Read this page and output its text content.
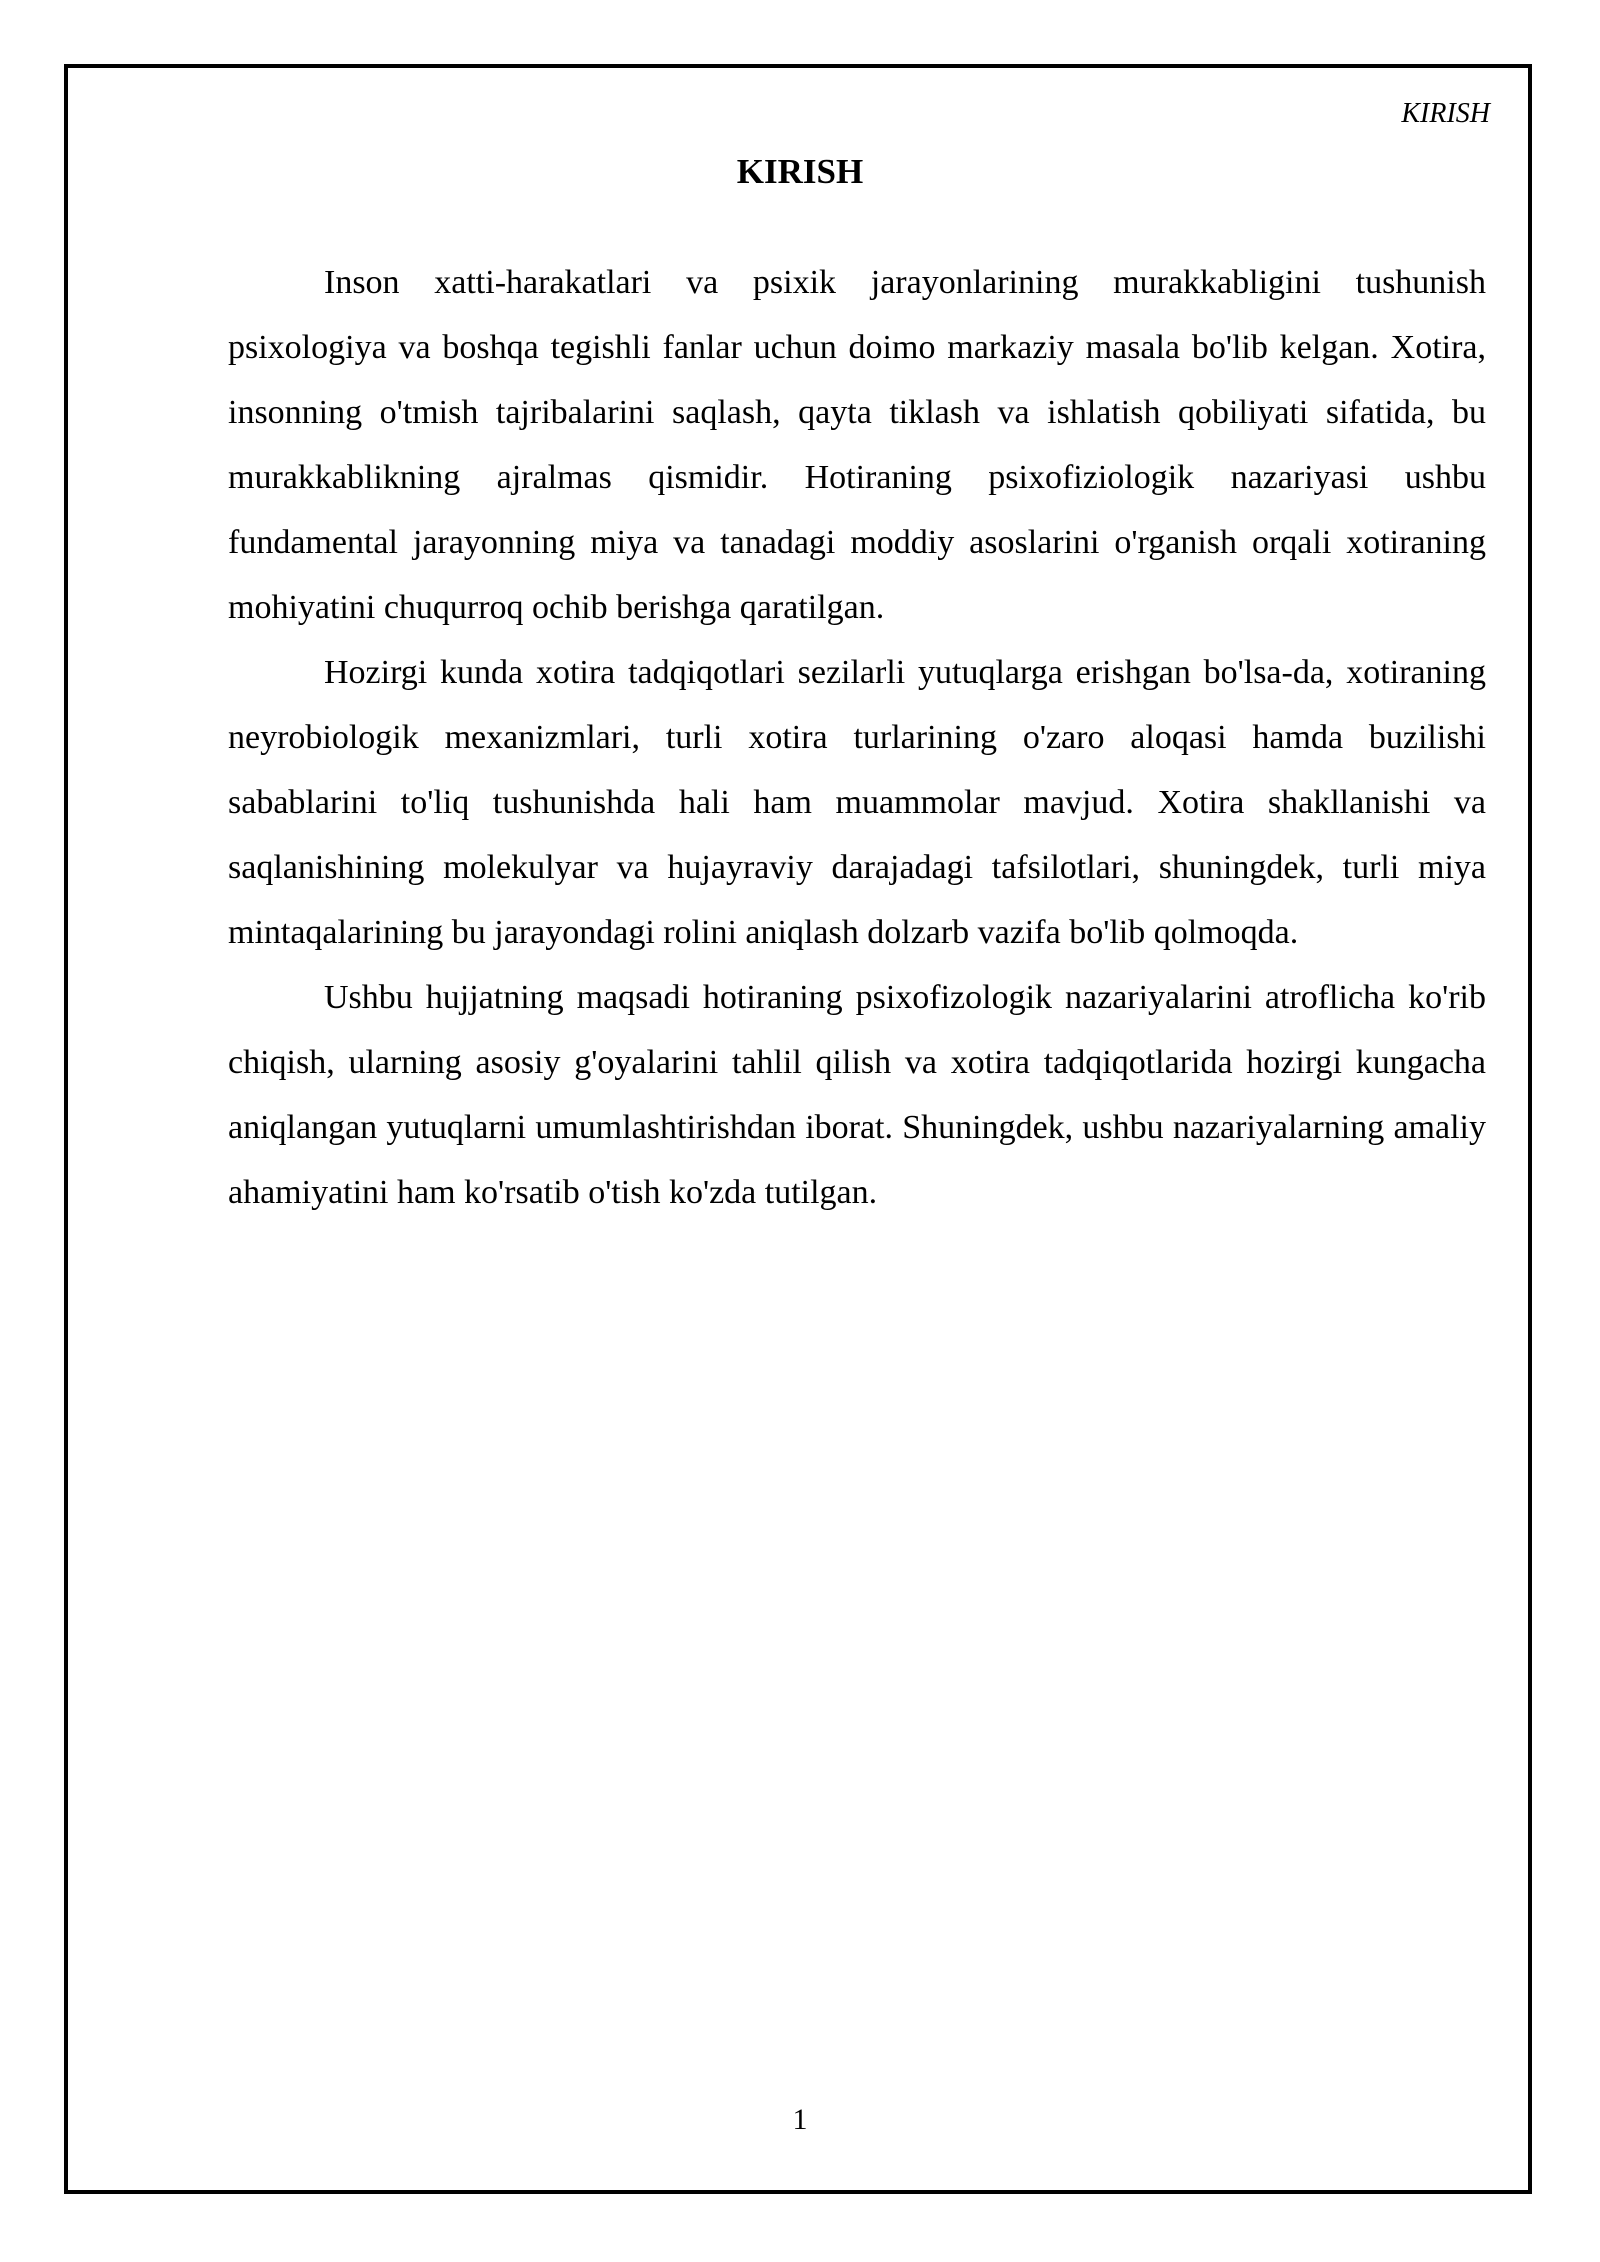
KIRISH
KIRISH

Inson xatti-harakatlari va psixik jarayonlarining murakkabligini tushunish psixologiya va boshqa tegishli fanlar uchun doimo markaziy masala bo'lib kelgan. Xotira, insonning o'tmish tajribalarini saqlash, qayta tiklash va ishlatish qobiliyati sifatida, bu murakkablikning ajralmas qismidir. Hotiraning psixofiziologik nazariyasi ushbu fundamental jarayonning miya va tanadagi moddiy asoslarini o'rganish orqali xotiraning mohiyatini chuqurroq ochib berishga qaratilgan.

Hozirgi kunda xotira tadqiqotlari sezilarli yutuqlarga erishgan bo'lsa-da, xotiraning neyrobiologik mexanizmlari, turli xotira turlarining o'zaro aloqasi hamda buzilishi sabablarini to'liq tushunishda hali ham muammolar mavjud. Xotira shakllanishi va saqlanishining molekulyar va hujayraviy darajadagi tafsilotlari, shuningdek, turli miya mintaqalarining bu jarayondagi rolini aniqlash dolzarb vazifa bo'lib qolmoqda.

Ushbu hujjatning maqsadi hotiraning psixofizologik nazariyalarini atroflicha ko'rib chiqish, ularning asosiy g'oyalarini tahlil qilish va xotira tadqiqotlarida hozirgi kungacha aniqlangan yutuqlarni umumlashtirishdan iborat. Shuningdek, ushbu nazariyalarning amaliy ahamiyatini ham ko'rsatib o'tish ko'zda tutilgan.

1
